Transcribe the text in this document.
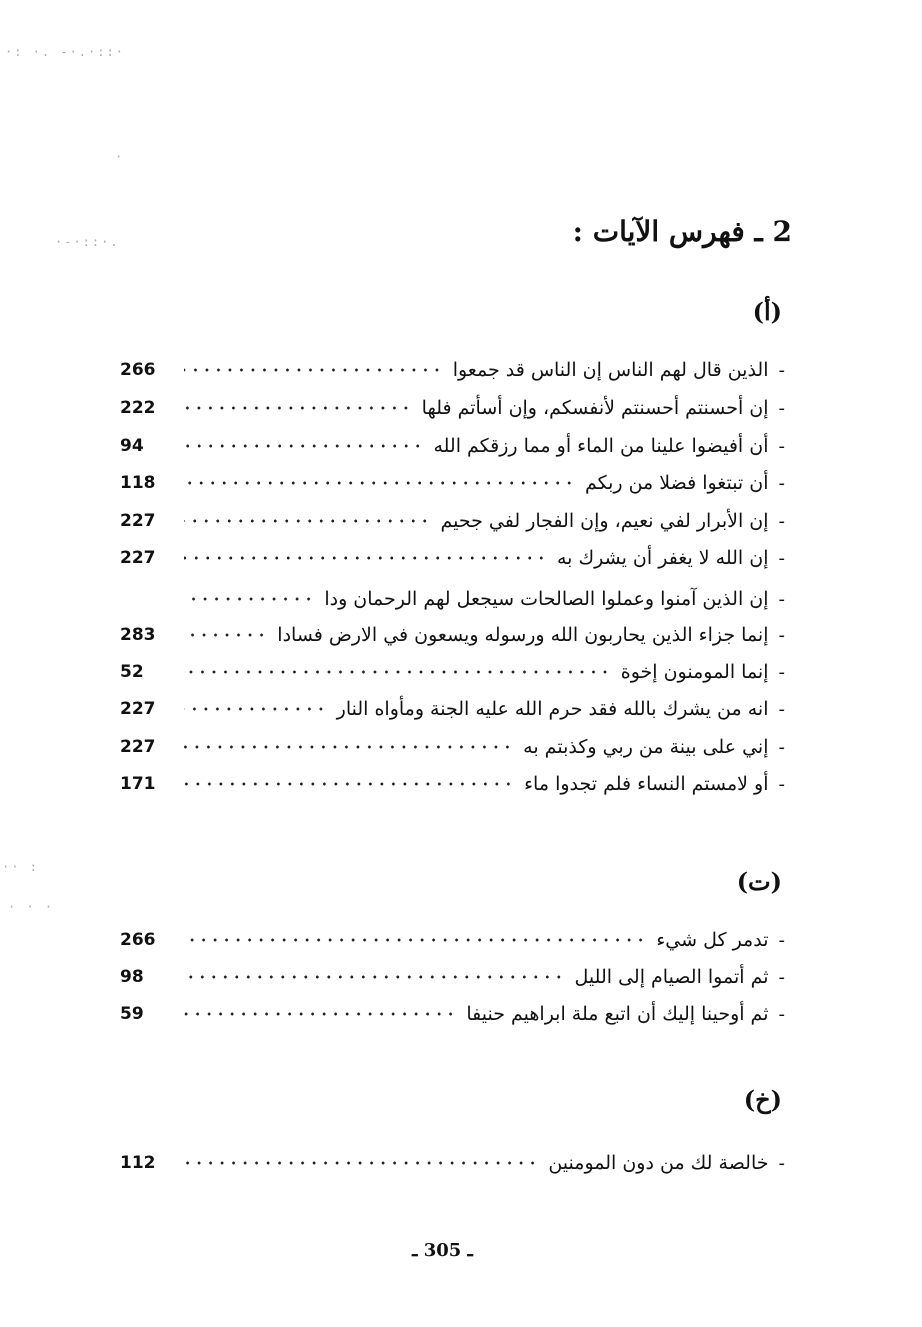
·: ·. -·.·::·
·
·-·::·.
·· :
· · ·
2 ـ فهرس الآيات :
(أ)
-
الذين قال لهم الناس إن الناس قد جمعوا
266
-
إن أحسنتم أحسنتم لأنفسكم، وإن أسأتم فلها
222
-
أن أفيضوا علينا من الماء أو مما رزقكم الله
94
-
أن تبتغوا فضلا من ربكم
118
-
إن الأبرار لفي نعيم، وإن الفجار لفي جحيم
227
-
إن الله لا يغفر أن يشرك به
227
-
إن الذين آمنوا وعملوا الصالحات سيجعل لهم الرحمان ودا
-
إنما جزاء الذين يحاربون الله ورسوله ويسعون في الارض فسادا
283
-
إنما المومنون إخوة
52
-
انه من يشرك بالله فقد حرم الله عليه الجنة ومأواه النار
227
-
إني على بينة من ربي وكذبتم به
227
-
أو لامستم النساء فلم تجدوا ماء
171
(ت)
-
تدمر كل شيء
266
-
ثم أتموا الصيام إلى الليل
98
-
ثم أوحينا إليك أن اتبع ملة ابراهيم حنيفا
59
(خ)
-
خالصة لك من دون المومنين
112
ـ 305 ـ
